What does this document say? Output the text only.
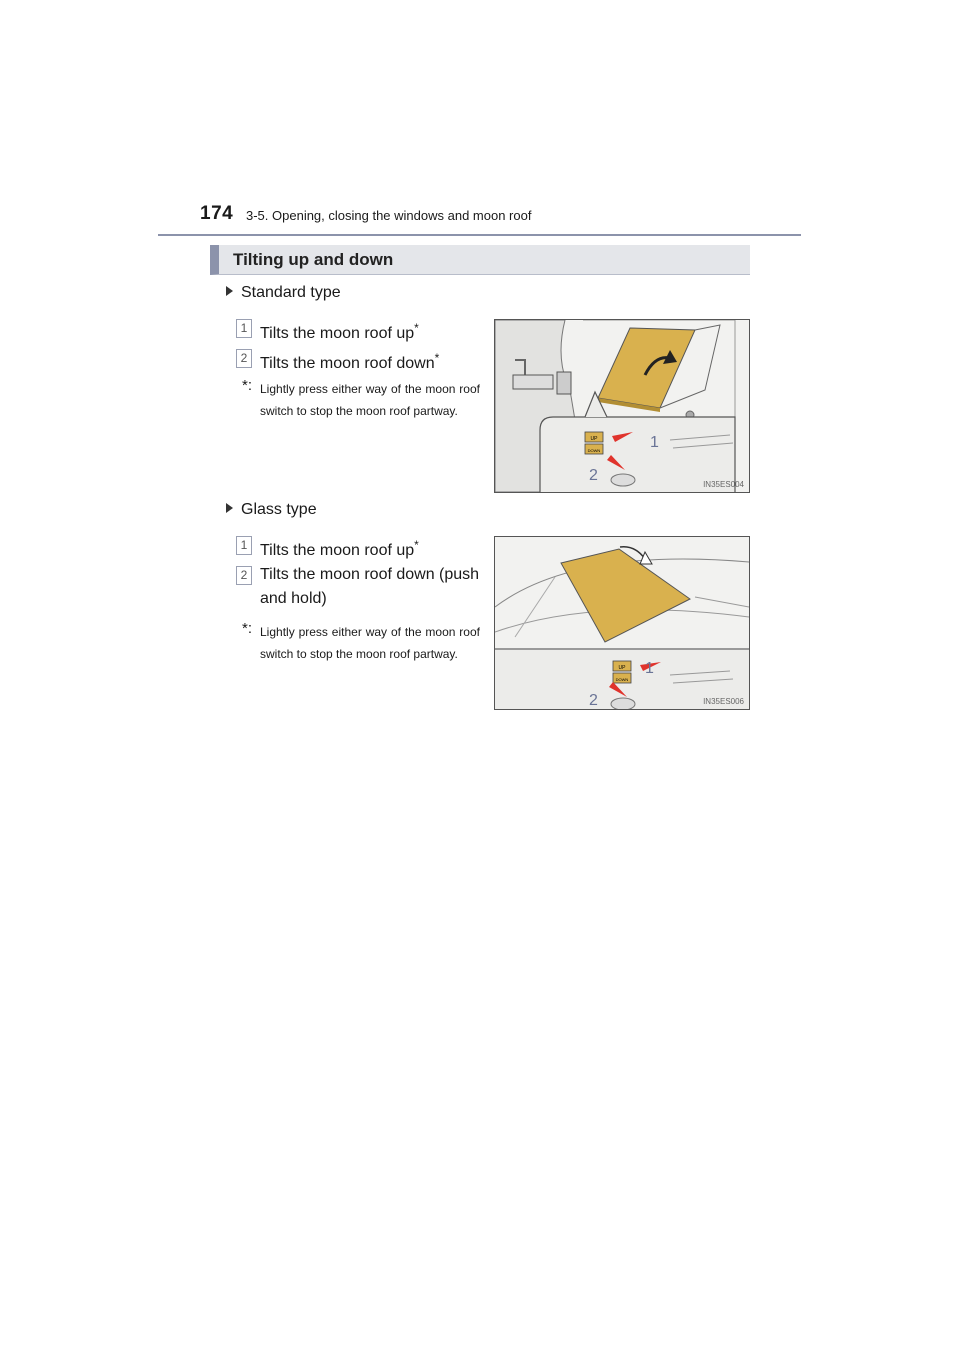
174 3-5. Opening, closing the windows and moon roof
Tilting up and down
Standard type
1 Tilts the moon roof up*
2 Tilts the moon roof down*
*: Lightly press either way of the moon roof switch to stop the moon roof partway.
UP
DOWN	1
2
IN35ES004
Glass type
1 Tilts the moon roof up*
2 Tilts the moon roof down (push and hold)
*: Lightly press either way of the moon roof switch to stop the moon roof partway.
UP
DOWN
1
2	IN35ES006
